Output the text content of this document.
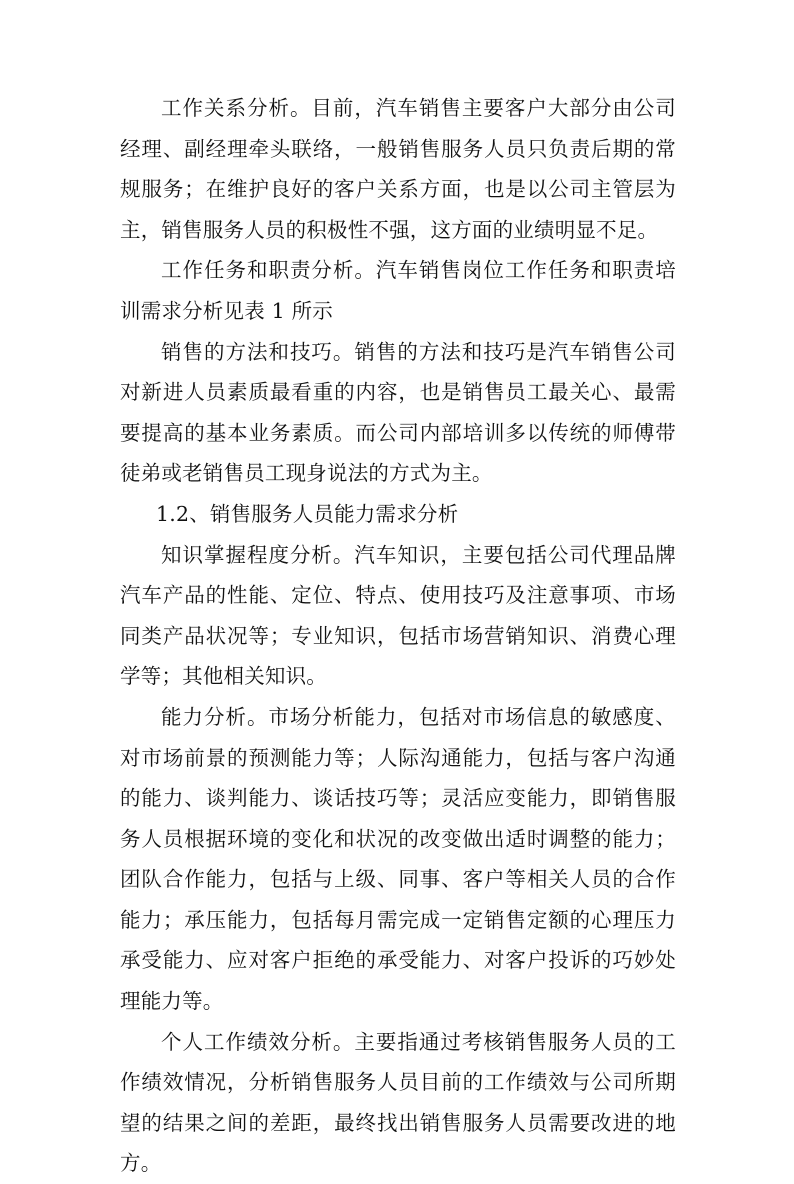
工作关系分析。目前，汽车销售主要客户大部分由公司经理、副经理牵头联络，一般销售服务人员只负责后期的常规服务；在维护良好的客户关系方面，也是以公司主管层为主，销售服务人员的积极性不强，这方面的业绩明显不足。

工作任务和职责分析。汽车销售岗位工作任务和职责培训需求分析见表 1 所示

销售的方法和技巧。销售的方法和技巧是汽车销售公司对新进人员素质最看重的内容，也是销售员工最关心、最需要提高的基本业务素质。而公司内部培训多以传统的师傅带徒弟或老销售员工现身说法的方式为主。

1.2、销售服务人员能力需求分析

知识掌握程度分析。汽车知识，主要包括公司代理品牌汽车产品的性能、定位、特点、使用技巧及注意事项、市场同类产品状况等；专业知识，包括市场营销知识、消费心理学等；其他相关知识。

能力分析。市场分析能力，包括对市场信息的敏感度、对市场前景的预测能力等；人际沟通能力，包括与客户沟通的能力、谈判能力、谈话技巧等；灵活应变能力，即销售服务人员根据环境的变化和状况的改变做出适时调整的能力；团队合作能力，包括与上级、同事、客户等相关人员的合作能力；承压能力，包括每月需完成一定销售定额的心理压力承受能力、应对客户拒绝的承受能力、对客户投诉的巧妙处理能力等。

个人工作绩效分析。主要指通过考核销售服务人员的工作绩效情况，分析销售服务人员目前的工作绩效与公司所期望的结果之间的差距，最终找出销售服务人员需要改进的地方。
